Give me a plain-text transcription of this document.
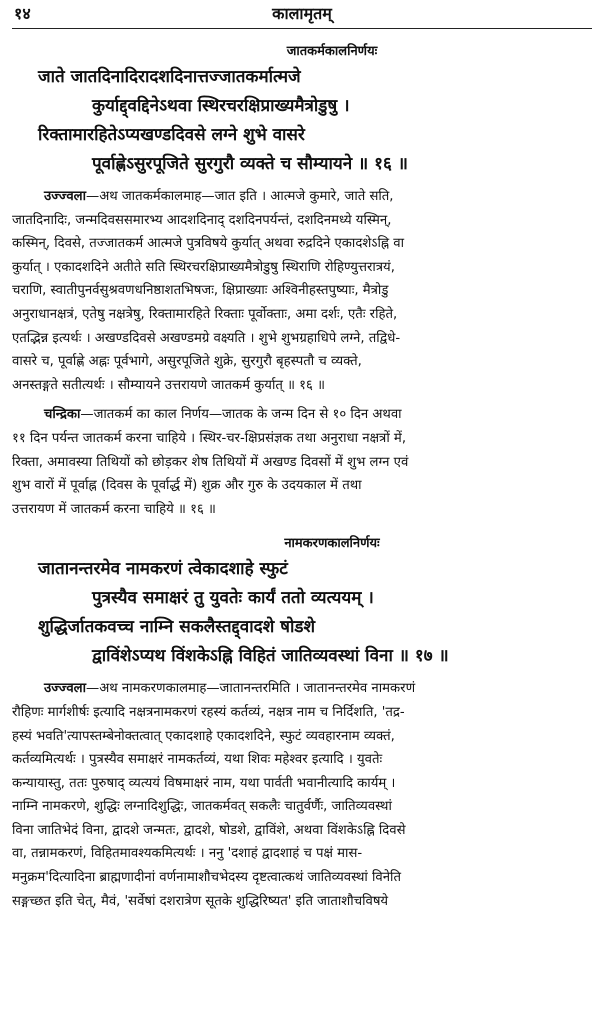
१४	कालामृतम्
जातकर्मकालनिर्णयः
जाते जातदिनादिरादशदिनात्तज्जातकर्मात्मजे
कुर्याद्द्वद्दिनेऽथवा स्थिरचरक्षिप्राख्यमैत्रोडुषु ।
रिक्तामारहितेऽप्यखण्डदिवसे लग्ने शुभे वासरे
पूर्वाह्णेऽसुरपूजिते सुरगुरौ व्यक्ते च सौम्यायने ॥ १६ ॥
उज्ज्वला—अथ जातकर्मकालमाह—जात इति । आत्मजे कुमारे, जाते सति,
जातदिनादिः, जन्मदिवससमारभ्य आदशदिनाद् दशदिनपर्यन्तं, दशदिनमध्ये यस्मिन्,
कस्मिन्, दिवसे, तज्जातकर्म आत्मजे पुत्रविषये कुर्यात् अथवा रुद्रदिने एकादशेऽह्नि वा
कुर्यात् । एकादशदिने अतीते सति स्थिरचरक्षिप्राख्यमैत्रोडुषु स्थिराणि रोहिण्युत्तरात्रयं,
चराणि, स्वातीपुनर्वसुश्रवणधनिष्ठाशतभिषजः, क्षिप्राख्याः अश्विनीहस्तपुष्याः, मैत्रोडु
अनुराधानक्षत्रं, एतेषु नक्षत्रेषु, रिक्तामारहिते रिक्ताः पूर्वोक्ताः, अमा दर्शः, एतैः रहिते,
एतद्भिन्न इत्यर्थः । अखण्डदिवसे अखण्डमग्रे वक्ष्यति । शुभे शुभग्रहाधिपे लग्ने, तद्विधे-
वासरे च, पूर्वाह्णे अह्नः पूर्वभागे, असुरपूजिते शुक्रे, सुरगुरौ बृहस्पतौ च व्यक्ते,
अनस्तङ्गते सतीत्यर्थः । सौम्यायने उत्तरायणे जातकर्म कुर्यात् ॥ १६ ॥
चन्द्रिका—जातकर्म का काल निर्णय—जातक के जन्म दिन से १० दिन अथवा
११ दिन पर्यन्त जातकर्म करना चाहिये । स्थिर-चर-क्षिप्रसंज्ञक तथा अनुराधा नक्षत्रों में,
रिक्ता, अमावस्या तिथियों को छोड़कर शेष तिथियों में अखण्ड दिवसों में शुभ लग्न एवं
शुभ वारों में पूर्वाह्न (दिवस के पूर्वार्द्ध में) शुक्र और गुरु के उदयकाल में तथा
उत्तरायण में जातकर्म करना चाहिये ॥ १६ ॥
नामकरणकालनिर्णयः
जातानन्तरमेव नामकरणं त्वेकादशाहे स्फुटं
पुत्रस्यैव समाक्षरं तु युवतेः कार्यं ततो व्यत्ययम् ।
शुद्धिर्जातकवच्च नाम्नि सकलैस्तद्द्वादशे षोडशे
द्वाविंशेऽप्यथ विंशकेऽह्नि विहितं जातिव्यवस्थां विना ॥ १७ ॥
उज्ज्वला—अथ नामकरणकालमाह—जातानन्तरमिति । जातानन्तरमेव नामकरणं
रौहिणः मार्गशीर्षः इत्यादि नक्षत्रनामकरणं रहस्यं कर्तव्यं, नक्षत्र नाम च निर्दिशति, 'तद्र-
हस्यं भवति'त्यापस्तम्बेनोक्तत्वात् एकादशाहे एकादशदिने, स्फुटं व्यवहारनाम व्यक्तं,
कर्तव्यमित्यर्थः । पुत्रस्यैव समाक्षरं नामकर्तव्यं, यथा शिवः महेश्वर इत्यादि । युवतेः
कन्यायास्तु, ततः पुरुषाद् व्यत्ययं विषमाक्षरं नाम, यथा पार्वती भवानीत्यादि कार्यम् ।
नाम्नि नामकरणे, शुद्धिः लग्नादिशुद्धिः, जातकर्मवत् सकलैः चातुर्वर्णैः, जातिव्यवस्थां
विना जातिभेदं विना, द्वादशे जन्मतः, द्वादशे, षोडशे, द्वाविंशे, अथवा विंशकेऽह्नि दिवसे
वा, तन्नामकरणं, विहितमावश्यकमित्यर्थः । ननु 'दशाहं द्वादशाहं च पक्षं मास-
मनुक्रम'दित्यादिना ब्राह्मणादीनां वर्णनामाशौचभेदस्य दृष्टत्वात्कथं जातिव्यवस्थां विनेति
सङ्गच्छत इति चेत्, मैवं, 'सर्वेषां दशरात्रेण सूतके शुद्धिरिष्यत' इति जाताशौचविषये
